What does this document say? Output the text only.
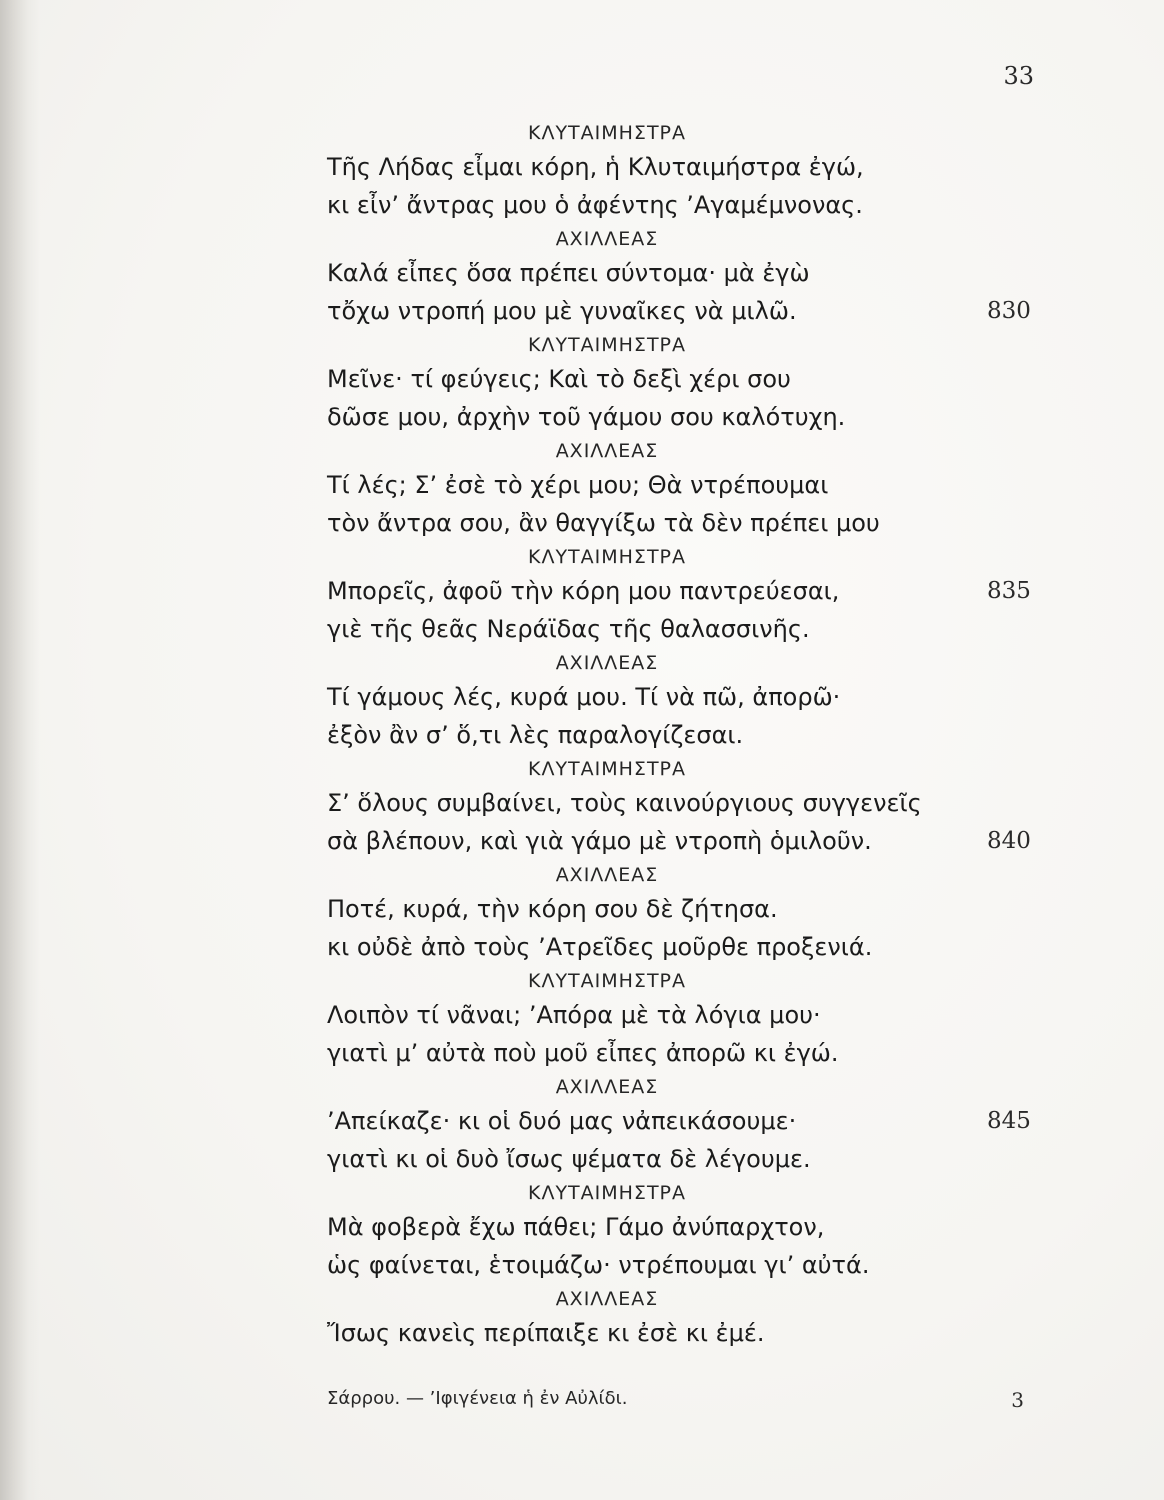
33
ΚΛΥΤΑΙΜΗΣΤΡΑ
Τῆς Λήδας εἶμαι κόρη, ἡ Κλυταιμήστρα ἐγώ,
κι εἶν’ ἄντρας μου ὁ ἀφέντης ’Αγαμέμνονας.
ΑΧΙΛΛΕΑΣ
Καλά εἶπες ὅσα πρέπει σύντομα· μὰ ἐγὼ
τὄχω ντροπή μου μὲ γυναῖκες νὰ μιλῶ.	830
ΚΛΥΤΑΙΜΗΣΤΡΑ
Μεῖνε· τί φεύγεις; Καὶ τὸ δεξὶ χέρι σου
δῶσε μου, ἀρχὴν τοῦ γάμου σου καλότυχη.
ΑΧΙΛΛΕΑΣ
Τί λές; Σ’ ἐσὲ τὸ χέρι μου; Θὰ ντρέπουμαι
τὸν ἄντρα σου, ἂν θαγγίξω τὰ δὲν πρέπει μου
ΚΛΥΤΑΙΜΗΣΤΡΑ
Μπορεῖς, ἀφοῦ τὴν κόρη μου παντρεύεσαι,	835
γιὲ τῆς θεᾶς Νεράϊδας τῆς θαλασσινῆς.
ΑΧΙΛΛΕΑΣ
Τί γάμους λές, κυρά μου. Τί νὰ πῶ, ἀπορῶ·
ἐξὸν ἂν σ’ ὅ,τι λὲς παραλογίζεσαι.
ΚΛΥΤΑΙΜΗΣΤΡΑ
Σ’ ὅλους συμβαίνει, τοὺς καινούργιους συγγενεῖς
σὰ βλέπουν, καὶ γιὰ γάμο μὲ ντροπὴ ὁμιλοῦν.	840
ΑΧΙΛΛΕΑΣ
Ποτέ, κυρά, τὴν κόρη σου δὲ ζήτησα.
κι οὐδὲ ἀπὸ τοὺς ’Ατρεῖδες μοῦρθε προξενιά.
ΚΛΥΤΑΙΜΗΣΤΡΑ
Λοιπὸν τί νᾶναι; ’Απόρα μὲ τὰ λόγια μου·
γιατὶ μ’ αὐτὰ ποὺ μοῦ εἶπες ἀπορῶ κι ἐγώ.
ΑΧΙΛΛΕΑΣ
’Απείκαζε· κι οἱ δυό μας νἀπεικάσουμε·	845
γιατὶ κι οἱ δυὸ ἴσως ψέματα δὲ λέγουμε.
ΚΛΥΤΑΙΜΗΣΤΡΑ
Μὰ φοβερὰ ἔχω πάθει; Γάμο ἀνύπαρχτον,
ὡς φαίνεται, ἑτοιμάζω· ντρέπουμαι γι’ αὐτά.
ΑΧΙΛΛΕΑΣ
Ἴσως κανεὶς περίπαιξε κι ἐσὲ κι ἐμέ.
Σάρρου. — ’Ιφιγένεια ἡ ἐν Αὐλίδι.	3
